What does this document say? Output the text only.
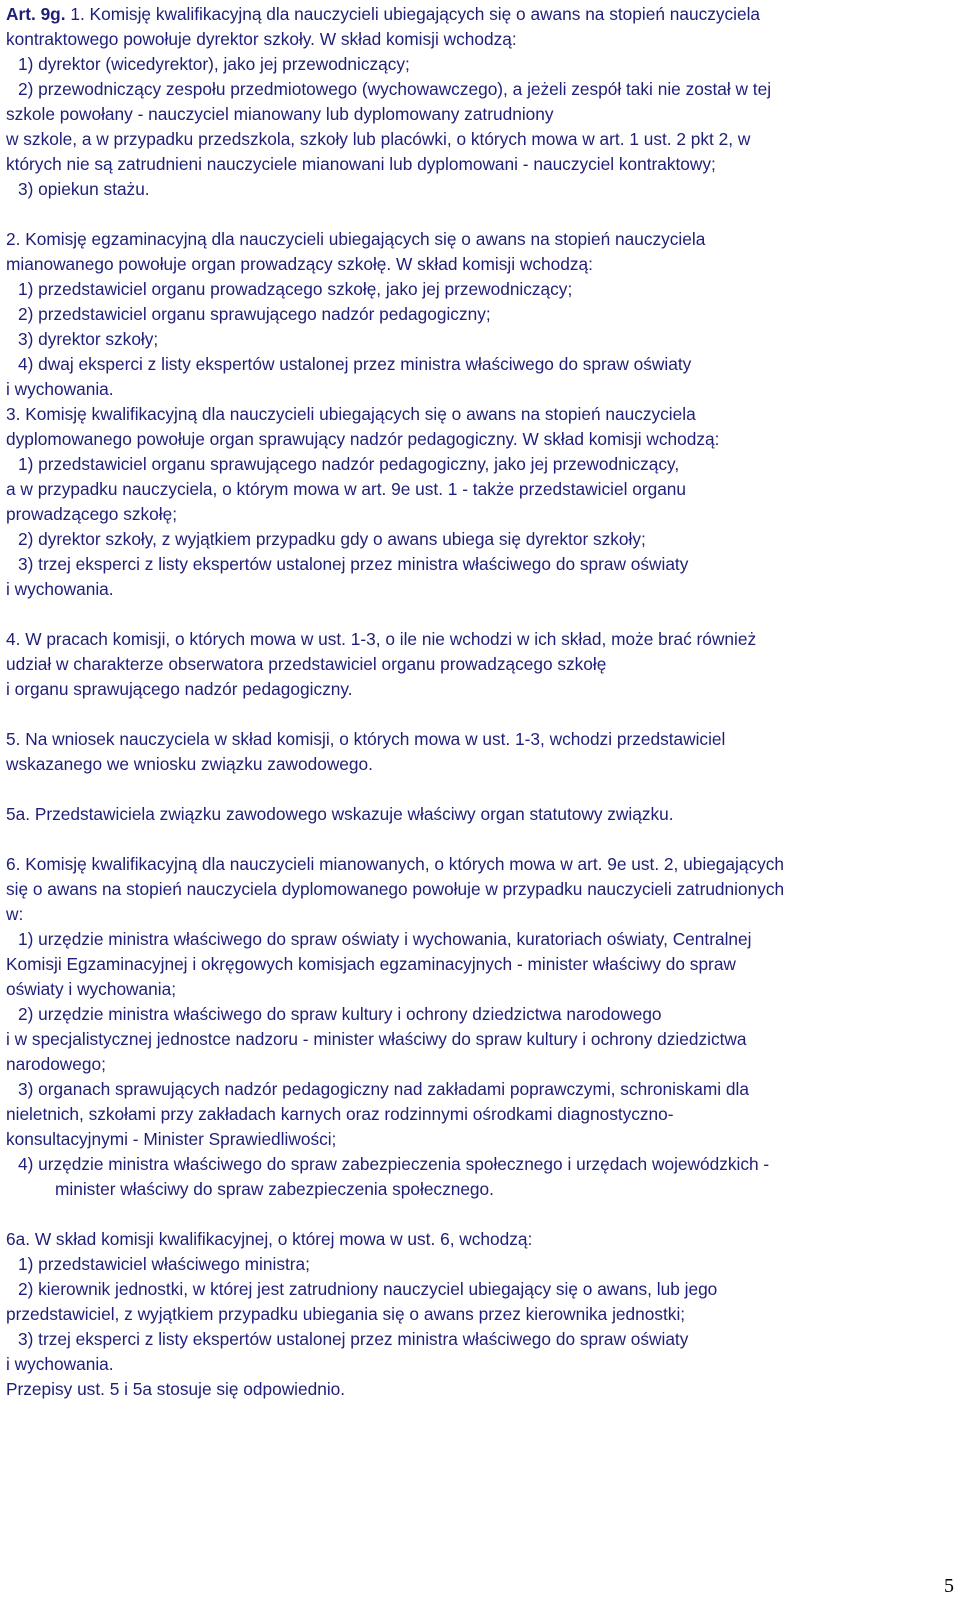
Art. 9g. 1. Komisję kwalifikacyjną dla nauczycieli ubiegających się o awans na stopień nauczyciela
kontraktowego powołuje dyrektor szkoły. W skład komisji wchodzą:
1) dyrektor (wicedyrektor), jako jej przewodniczący;
2) przewodniczący zespołu przedmiotowego (wychowawczego), a jeżeli zespół taki nie został w tej
szkole powołany - nauczyciel mianowany lub dyplomowany zatrudniony
w szkole, a w przypadku przedszkola, szkoły lub placówki, o których mowa w art. 1 ust. 2 pkt 2, w
których nie są zatrudnieni nauczyciele mianowani lub dyplomowani - nauczyciel kontraktowy;
3) opiekun stażu.
2. Komisję egzaminacyjną dla nauczycieli ubiegających się o awans na stopień nauczyciela
mianowanego powołuje organ prowadzący szkołę. W skład komisji wchodzą:
1) przedstawiciel organu prowadzącego szkołę, jako jej przewodniczący;
2) przedstawiciel organu sprawującego nadzór pedagogiczny;
3) dyrektor szkoły;
4) dwaj eksperci z listy ekspertów ustalonej przez ministra właściwego do spraw oświaty
i wychowania.
3. Komisję kwalifikacyjną dla nauczycieli ubiegających się o awans na stopień nauczyciela
dyplomowanego powołuje organ sprawujący nadzór pedagogiczny. W skład komisji wchodzą:
1) przedstawiciel organu sprawującego nadzór pedagogiczny, jako jej przewodniczący,
a w przypadku nauczyciela, o którym mowa w art. 9e ust. 1 - także przedstawiciel organu
prowadzącego szkołę;
2) dyrektor szkoły, z wyjątkiem przypadku gdy o awans ubiega się dyrektor szkoły;
3) trzej eksperci z listy ekspertów ustalonej przez ministra właściwego do spraw oświaty
i wychowania.
4. W pracach komisji, o których mowa w ust. 1-3, o ile nie wchodzi w ich skład, może brać również
udział w charakterze obserwatora przedstawiciel organu prowadzącego szkołę
i organu sprawującego nadzór pedagogiczny.
5. Na wniosek nauczyciela w skład komisji, o których mowa w ust. 1-3, wchodzi przedstawiciel
wskazanego we wniosku związku zawodowego.
5a. Przedstawiciela związku zawodowego wskazuje właściwy organ statutowy związku.
6. Komisję kwalifikacyjną dla nauczycieli mianowanych, o których mowa w art. 9e ust. 2, ubiegających
się o awans na stopień nauczyciela dyplomowanego powołuje w przypadku nauczycieli zatrudnionych
w:
1) urzędzie ministra właściwego do spraw oświaty i wychowania, kuratoriach oświaty, Centralnej
Komisji Egzaminacyjnej i okręgowych komisjach egzaminacyjnych - minister właściwy do spraw
oświaty i wychowania;
2) urzędzie ministra właściwego do spraw kultury i ochrony dziedzictwa narodowego
i w specjalistycznej jednostce nadzoru - minister właściwy do spraw kultury i ochrony dziedzictwa
narodowego;
3) organach sprawujących nadzór pedagogiczny nad zakładami poprawczymi, schroniskami dla
nieletnich, szkołami przy zakładach karnych oraz rodzinnymi ośrodkami diagnostyczno-
konsultacyjnymi - Minister Sprawiedliwości;
4) urzędzie ministra właściwego do spraw zabezpieczenia społecznego i urzędach wojewódzkich -
minister właściwy do spraw zabezpieczenia społecznego.
6a. W skład komisji kwalifikacyjnej, o której mowa w ust. 6, wchodzą:
1) przedstawiciel właściwego ministra;
2) kierownik jednostki, w której jest zatrudniony nauczyciel ubiegający się o awans, lub jego
przedstawiciel, z wyjątkiem przypadku ubiegania się o awans przez kierownika jednostki;
3) trzej eksperci z listy ekspertów ustalonej przez ministra właściwego do spraw oświaty
i wychowania.
Przepisy ust. 5 i 5a stosuje się odpowiednio.
5
